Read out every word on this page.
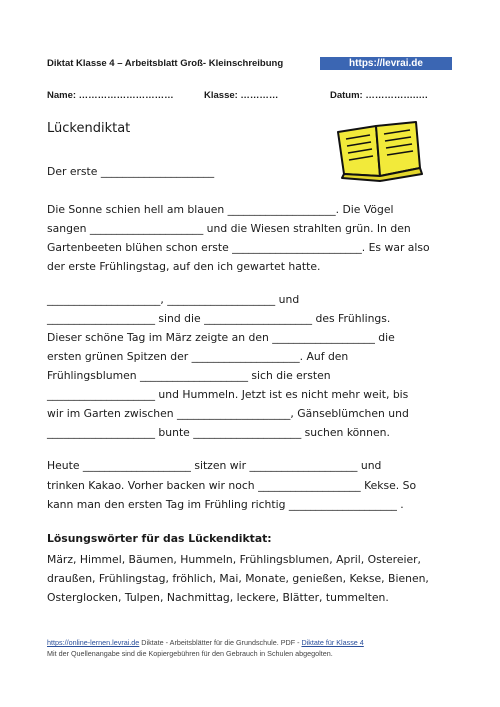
Diktat Klasse 4 – Arbeitsblatt Groß- Kleinschreibung	https://levrai.de
Name: …………………………	Klasse: …………	Datum: …………….….
Lückendiktat
Der erste _____________________
Die Sonne schien hell am blauen ____________________. Die Vögel
sangen _____________________ und die Wiesen strahlten grün. In den
Gartenbeeten blühen schon erste ________________________. Es war also
der erste Frühlingstag, auf den ich gewartet hatte.
_____________________, ____________________ und
____________________ sind die ____________________ des Frühlings.
Dieser schöne Tag im März zeigte an den ___________________ die
ersten grünen Spitzen der ____________________. Auf den
Frühlingsblumen ____________________ sich die ersten
____________________ und Hummeln. Jetzt ist es nicht mehr weit, bis
wir im Garten zwischen _____________________, Gänseblümchen und
____________________ bunte ____________________ suchen können.
Heute ____________________ sitzen wir ____________________ und
trinken Kakao. Vorher backen wir noch ___________________ Kekse. So
kann man den ersten Tag im Frühling richtig ____________________ .
Lösungswörter für das Lückendiktat:
März, Himmel, Bäumen, Hummeln, Frühlingsblumen, April, Ostereier,
draußen, Frühlingstag, fröhlich, Mai, Monate, genießen, Kekse, Bienen,
Osterglocken, Tulpen, Nachmittag, leckere, Blätter, tummelten.
https://online-lernen.levrai.de Diktate - Arbeitsblätter für die Grundschule. PDF - Diktate für Klasse 4
Mit der Quellenangabe sind die Kopiergebühren für den Gebrauch in Schulen abgegolten.
